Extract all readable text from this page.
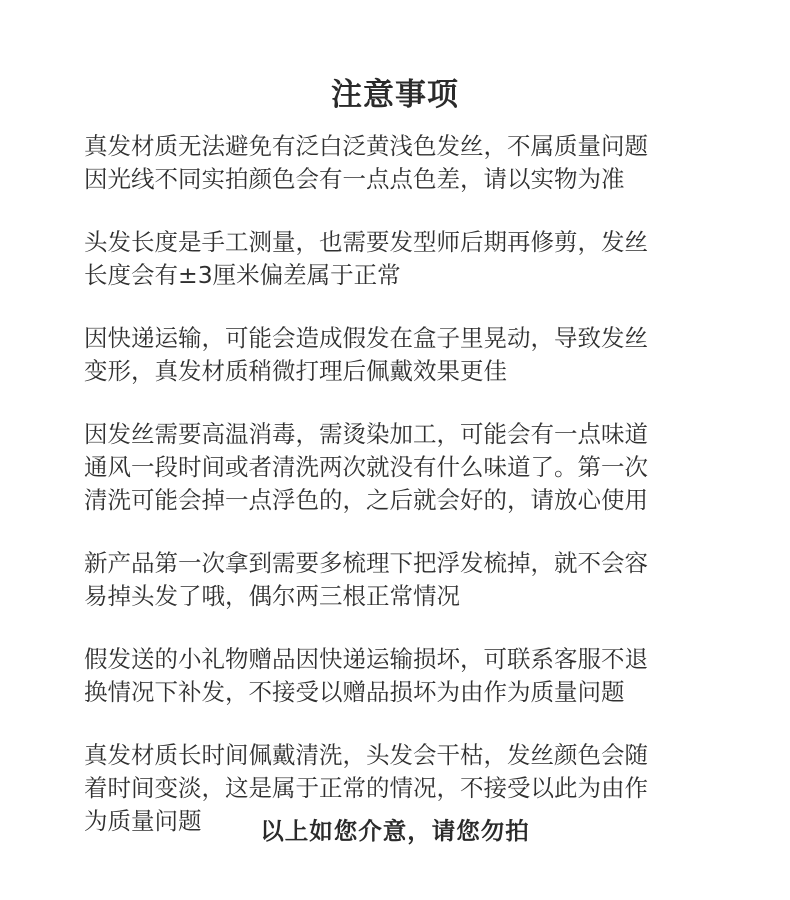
注意事项
真发材质无法避免有泛白泛黄浅色发丝，不属质量问题
因光线不同实拍颜色会有一点点色差，请以实物为准
头发长度是手工测量，也需要发型师后期再修剪，发丝
长度会有±3厘米偏差属于正常
因快递运输，可能会造成假发在盒子里晃动，导致发丝
变形，真发材质稍微打理后佩戴效果更佳
因发丝需要高温消毒，需烫染加工，可能会有一点味道
通风一段时间或者清洗两次就没有什么味道了。第一次
清洗可能会掉一点浮色的，之后就会好的，请放心使用
新产品第一次拿到需要多梳理下把浮发梳掉，就不会容
易掉头发了哦，偶尔两三根正常情况
假发送的小礼物赠品因快递运输损坏，可联系客服不退
换情况下补发，不接受以赠品损坏为由作为质量问题
真发材质长时间佩戴清洗，头发会干枯，发丝颜色会随
着时间变淡，这是属于正常的情况，不接受以此为由作
为质量问题	以上如您介意，请您勿拍
